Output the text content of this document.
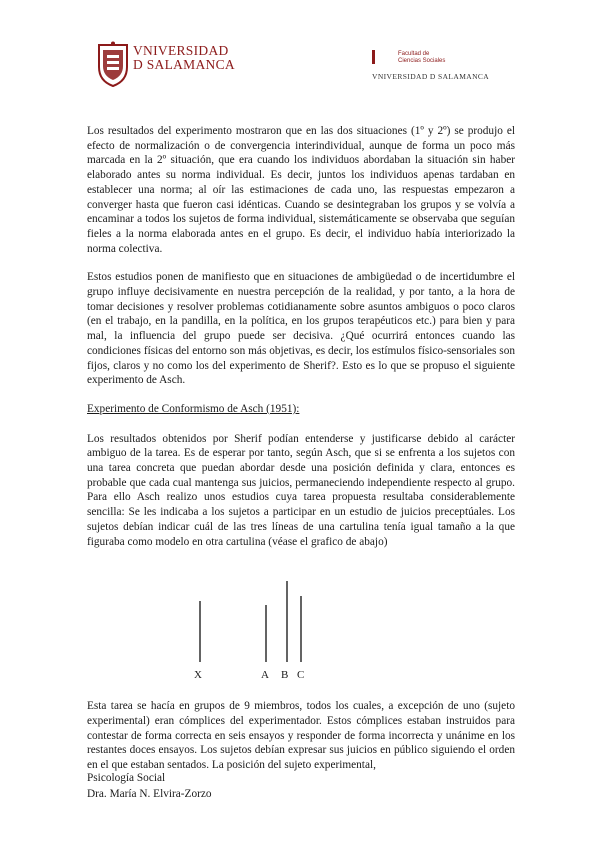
VNIVERSIDAD
D SALAMANCA
Facultad de
Ciencias Sociales
VNIVERSIDAD D SALAMANCA

Los resultados del experimento mostraron que en las dos situaciones (1º y 2º) se produjo el efecto de normalización o de convergencia interindividual, aunque de forma un poco más marcada en la 2º situación, que era cuando los individuos abordaban la situación sin haber elaborado antes su norma individual. Es decir, juntos los individuos apenas tardaban en establecer una norma; al oír las estimaciones de cada uno, las respuestas empezaron a converger hasta que fueron casi idénticas. Cuando se desintegraban los grupos y se volvía a encaminar a todos los sujetos de forma individual, sistemáticamente se observaba que seguían fieles a la norma elaborada antes en el grupo. Es decir, el individuo había interiorizado la norma colectiva.

Estos estudios ponen de manifiesto que en situaciones de ambigüedad o de incertidumbre el grupo influye decisivamente en nuestra percepción de la realidad, y por tanto, a la hora de tomar decisiones y resolver problemas cotidianamente sobre asuntos ambiguos o poco claros (en el trabajo, en la pandilla, en la política, en los grupos terapéuticos etc.) para bien y para mal, la influencia del grupo puede ser decisiva. ¿Qué ocurrirá entonces cuando las condiciones físicas del entorno son más objetivas, es decir, los estímulos físico-sensoriales son fijos, claros y no como los del experimento de Sherif?. Esto es lo que se propuso el siguiente experimento de Asch.

Experimento de Conformismo de Asch (1951):

Los resultados obtenidos por Sherif podían entenderse y justificarse debido al carácter ambiguo de la tarea. Es de esperar por tanto, según Asch, que si se enfrenta a los sujetos con una tarea concreta que puedan abordar desde una posición definida y clara, entonces es probable que cada cual mantenga sus juicios, permaneciendo independiente respecto al grupo. Para ello Asch realizo unos estudios cuya tarea propuesta resultaba considerablemente sencilla: Se les indicaba a los sujetos a participar en un estudio de juicios preceptúales. Los sujetos debían indicar cuál de las tres líneas de una cartulina tenía igual tamaño a la que figuraba como modelo en otra cartulina (véase el grafico de abajo)

X	A B C

Esta tarea se hacía en grupos de 9 miembros, todos los cuales, a excepción de uno (sujeto experimental) eran cómplices del experimentador. Estos cómplices estaban instruidos para contestar de forma correcta en seis ensayos y responder de forma incorrecta y unánime en los restantes doces ensayos. Los sujetos debían expresar sus juicios en público siguiendo el orden en el que estaban sentados. La posición del sujeto experimental,

Psicología Social
Dra. María N. Elvira-Zorzo
